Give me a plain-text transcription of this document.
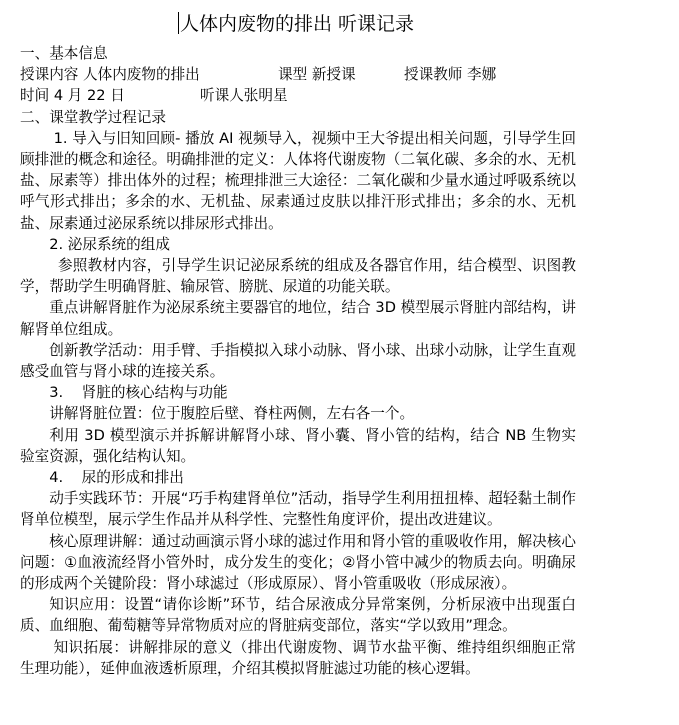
人体内废物的排出 听课记录
一、基本信息
授课内容 人体内废物的排出	课型 新授课	授课教师 李娜
时间 4 月 22 日	听课人张明星
二、课堂教学过程记录

1. 导入与旧知回顾- 播放 AI 视频导入，视频中王大爷提出相关问题，引导学生回顾排泄的概念和途径。明确排泄的定义：人体将代谢废物（二氧化碳、多余的水、无机盐、尿素等）排出体外的过程；梳理排泄三大途径：二氧化碳和少量水通过呼吸系统以呼气形式排出；多余的水、无机盐、尿素通过皮肤以排汗形式排出；多余的水、无机盐、尿素通过泌尿系统以排尿形式排出。

2. 泌尿系统的组成

参照教材内容，引导学生识记泌尿系统的组成及各器官作用，结合模型、识图教学，帮助学生明确肾脏、输尿管、膀胱、尿道的功能关联。

重点讲解肾脏作为泌尿系统主要器官的地位，结合 3D 模型展示肾脏内部结构，讲解肾单位组成。

创新教学活动：用手臂、手指模拟入球小动脉、肾小球、出球小动脉，让学生直观感受血管与肾小球的连接关系。

3.    肾脏的核心结构与功能

讲解肾脏位置：位于腹腔后壁、脊柱两侧，左右各一个。

利用 3D 模型演示并拆解讲解肾小球、肾小囊、肾小管的结构，结合 NB 生物实验室资源，强化结构认知。

4.    尿的形成和排出

动手实践环节：开展“巧手构建肾单位”活动，指导学生利用扭扭棒、超轻黏土制作肾单位模型，展示学生作品并从科学性、完整性角度评价，提出改进建议。

核心原理讲解：通过动画演示肾小球的滤过作用和肾小管的重吸收作用，解决核心问题：①血液流经肾小管外时，成分发生的变化；②肾小管中减少的物质去向。明确尿的形成两个关键阶段：肾小球滤过（形成原尿）、肾小管重吸收（形成尿液）。

知识应用：设置“请你诊断”环节，结合尿液成分异常案例，分析尿液中出现蛋白质、血细胞、葡萄糖等异常物质对应的肾脏病变部位，落实“学以致用”理念。

知识拓展：讲解排尿的意义（排出代谢废物、调节水盐平衡、维持组织细胞正常生理功能），延伸血液透析原理，介绍其模拟肾脏滤过功能的核心逻辑。
